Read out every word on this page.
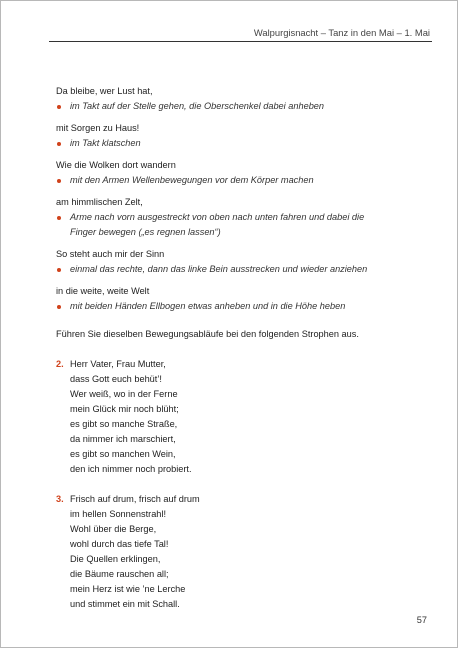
Walpurgisnacht – Tanz in den Mai – 1. Mai
Da bleibe, wer Lust hat,
im Takt auf der Stelle gehen, die Oberschenkel dabei anheben
mit Sorgen zu Haus!
im Takt klatschen
Wie die Wolken dort wandern
mit den Armen Wellenbewegungen vor dem Körper machen
am himmlischen Zelt,
Arme nach vorn ausgestreckt von oben nach unten fahren und dabei die
Finger bewegen („es regnen lassen“)
So steht auch mir der Sinn
einmal das rechte, dann das linke Bein ausstrecken und wieder anziehen
in die weite, weite Welt
mit beiden Händen Ellbogen etwas anheben und in die Höhe heben
Führen Sie dieselben Bewegungsabläufe bei den folgenden Strophen aus.
2. Herr Vater, Frau Mutter,
dass Gott euch behüt’!
Wer weiß, wo in der Ferne
mein Glück mir noch blüht;
es gibt so manche Straße,
da nimmer ich marschiert,
es gibt so manchen Wein,
den ich nimmer noch probiert.
3. Frisch auf drum, frisch auf drum
im hellen Sonnenstrahl!
Wohl über die Berge,
wohl durch das tiefe Tal!
Die Quellen erklingen,
die Bäume rauschen all;
mein Herz ist wie ’ne Lerche
und stimmet ein mit Schall.
57
